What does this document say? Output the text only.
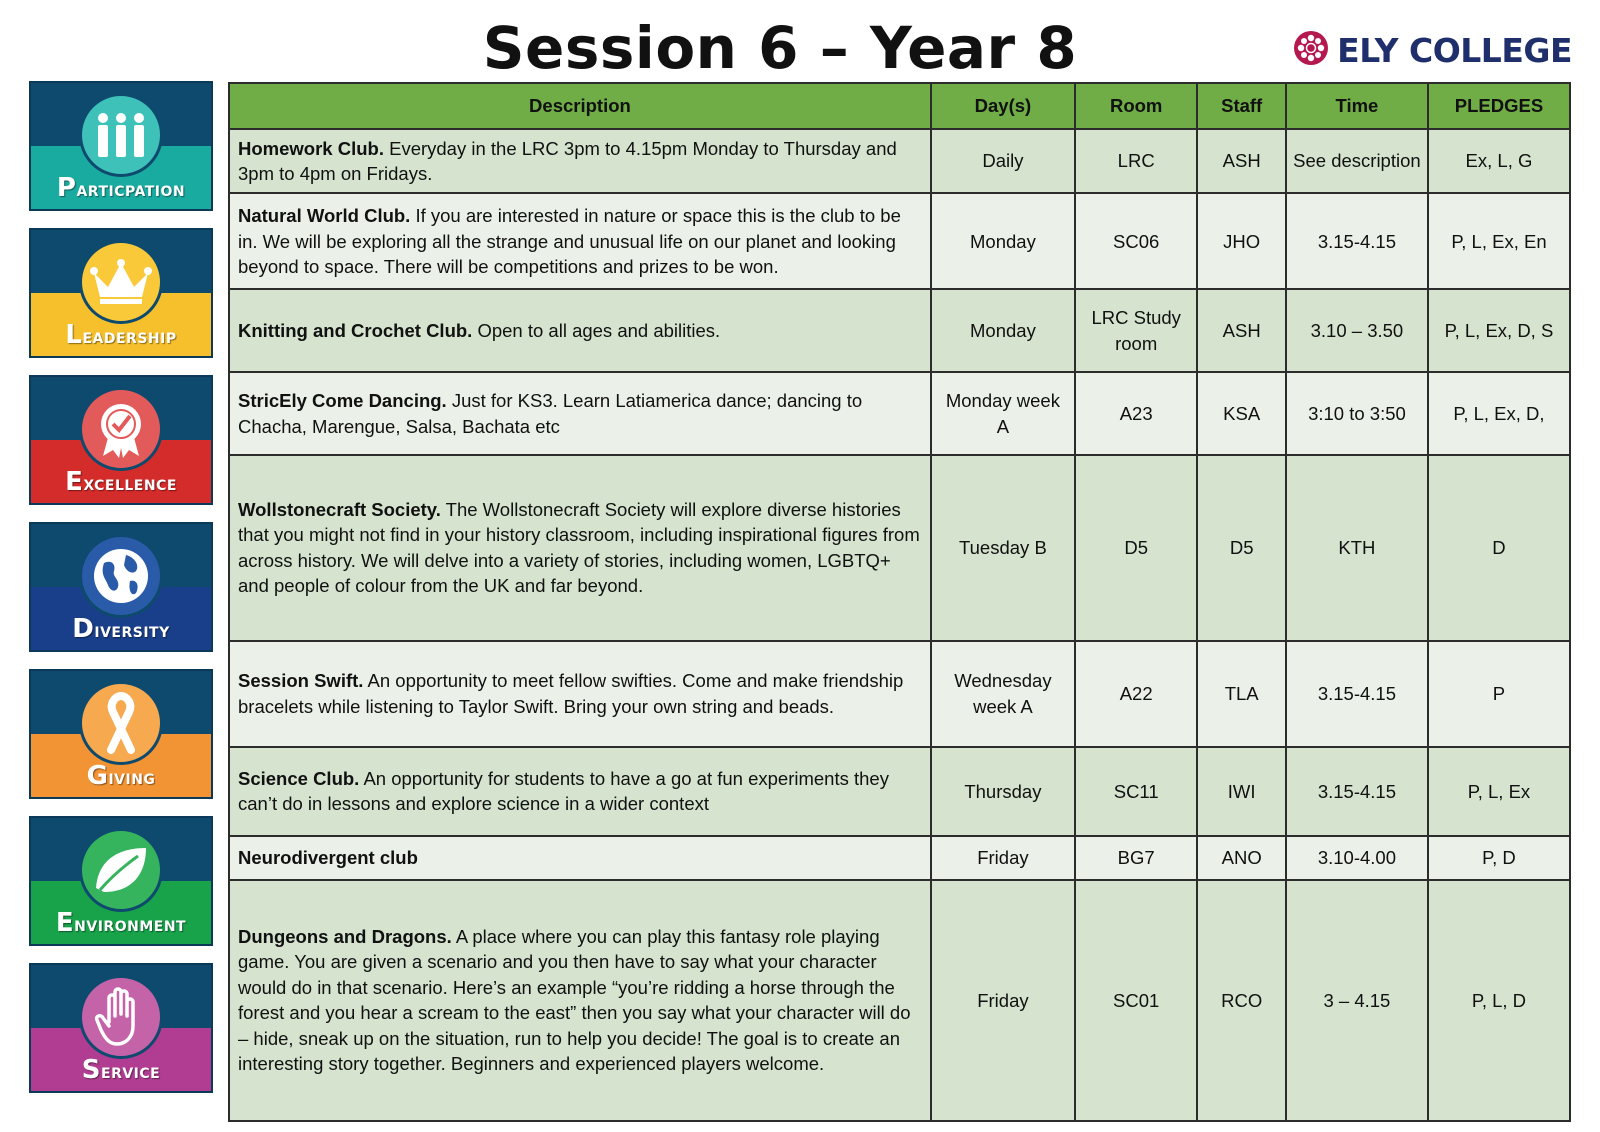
Session 6 – Year 8	ELY COLLEGE
Particpation
Leadership
Excellence
Diversity
Giving
Environment
Service
Description	Day(s)	Room	Staff	Time	PLEDGES
Homework Club. Everyday in the LRC 3pm to 4.15pm Monday to Thursday and 3pm to 4pm on Fridays.	Daily	LRC	ASH	See description	Ex, L, G
Natural World Club. If you are interested in nature or space this is the club to be in. We will be exploring all the strange and unusual life on our planet and looking beyond to space. There will be competitions and prizes to be won.	Monday	SC06	JHO	3.15-4.15	P, L, Ex, En
Knitting and Crochet Club. Open to all ages and abilities.	Monday	LRC Study room	ASH	3.10 – 3.50	P, L, Ex, D, S
StricEly Come Dancing. Just for KS3. Learn Latiamerica dance; dancing to Chacha, Marengue, Salsa, Bachata etc	Monday week A	A23	KSA	3:10 to 3:50	P, L, Ex, D,
Wollstonecraft Society. The Wollstonecraft Society will explore diverse histories that you might not find in your history classroom, including inspirational figures from across history. We will delve into a variety of stories, including women, LGBTQ+ and people of colour from the UK and far beyond.	Tuesday B	D5	D5	KTH	D
Session Swift. An opportunity to meet fellow swifties. Come and make friendship bracelets while listening to Taylor Swift. Bring your own string and beads.	Wednesday week A	A22	TLA	3.15-4.15	P
Science Club. An opportunity for students to have a go at fun experiments they can’t do in lessons and explore science in a wider context	Thursday	SC11	IWI	3.15-4.15	P, L, Ex
Neurodivergent club	Friday	BG7	ANO	3.10-4.00	P, D
Dungeons and Dragons. A place where you can play this fantasy role playing game. You are given a scenario and you then have to say what your character would do in that scenario. Here’s an example “you’re ridding a horse through the forest and you hear a scream to the east” then you say what your character will do – hide, sneak up on the situation, run to help you decide! The goal is to create an interesting story together. Beginners and experienced players welcome.	Friday	SC01	RCO	3 – 4.15	P, L, D
